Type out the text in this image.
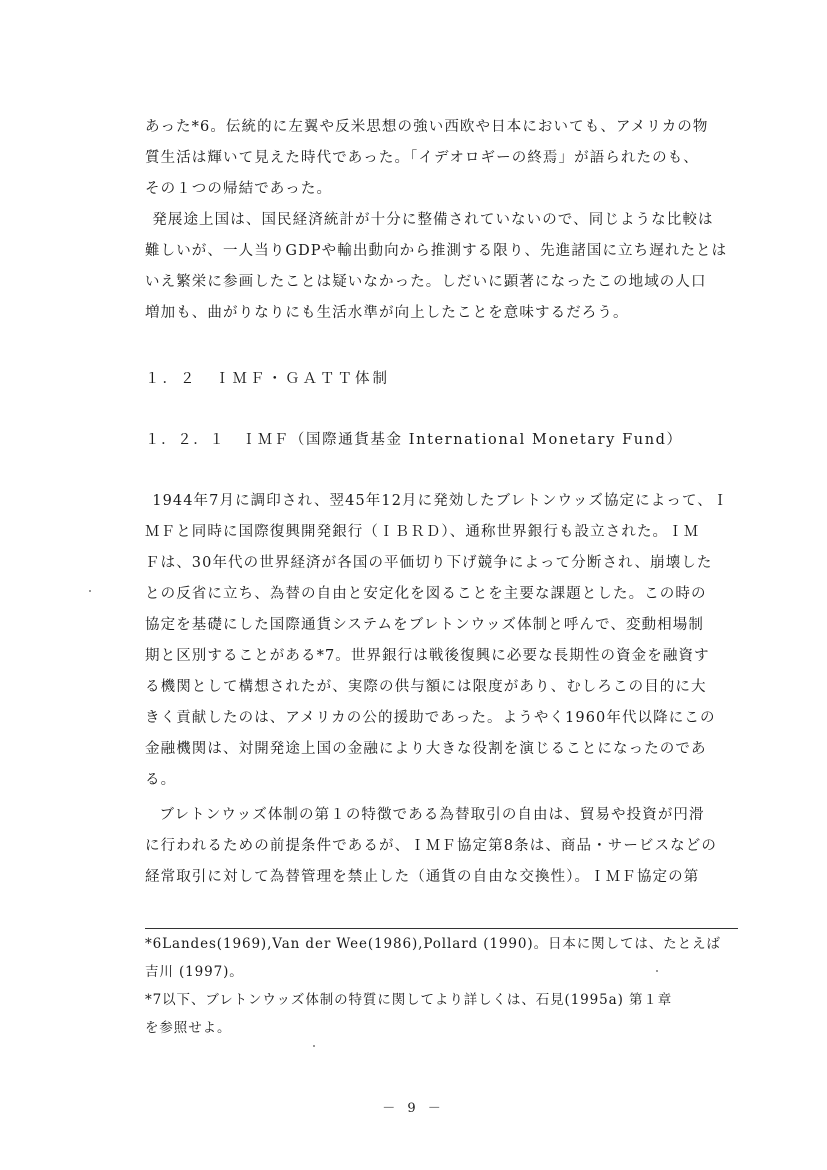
あった*6。伝統的に左翼や反米思想の強い西欧や日本においても、アメリカの物
質生活は輝いて見えた時代であった。「イデオロギーの終焉」が語られたのも、
その１つの帰結であった。
発展途上国は、国民経済統計が十分に整備されていないので、同じような比較は
難しいが、一人当りGDPや輸出動向から推測する限り、先進諸国に立ち遅れたとは
いえ繁栄に参画したことは疑いなかった。しだいに顕著になったこの地域の人口
増加も、曲がりなりにも生活水準が向上したことを意味するだろう。
１．２　ＩＭＦ・ＧＡＴＴ体制
１．２．１　ＩＭＦ（国際通貨基金 International Monetary Fund）
1944年7月に調印され、翌45年12月に発効したブレトンウッズ協定によって、Ｉ
ＭＦと同時に国際復興開発銀行（ＩＢＲＤ）、通称世界銀行も設立された。ＩＭ
Ｆは、30年代の世界経済が各国の平価切り下げ競争によって分断され、崩壊した
との反省に立ち、為替の自由と安定化を図ることを主要な課題とした。この時の
協定を基礎にした国際通貨システムをブレトンウッズ体制と呼んで、変動相場制
期と区別することがある*7。世界銀行は戦後復興に必要な長期性の資金を融資す
る機関として構想されたが、実際の供与額には限度があり、むしろこの目的に大
きく貢献したのは、アメリカの公的援助であった。ようやく1960年代以降にこの
金融機関は、対開発途上国の金融により大きな役割を演じることになったのであ
る。
ブレトンウッズ体制の第１の特徴である為替取引の自由は、貿易や投資が円滑
に行われるための前提条件であるが、ＩＭＦ協定第8条は、商品・サービスなどの
経常取引に対して為替管理を禁止した（通貨の自由な交換性）。ＩＭＦ協定の第
*6Landes(1969),Van der Wee(1986),Pollard (1990)。日本に関しては、たとえば
吉川 (1997)。
*7以下、ブレトンウッズ体制の特質に関してより詳しくは、石見(1995a) 第１章
を参照せよ。
－ 9 －
